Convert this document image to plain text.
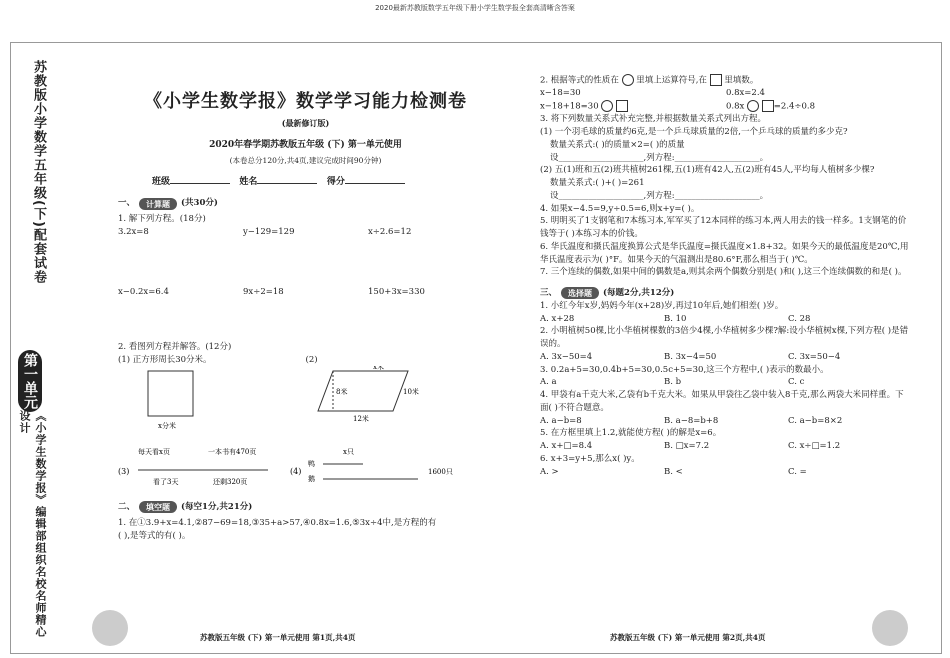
2020最新苏教版数学五年级下册小学生数学报全套高清晰含答案
苏教版小学数学五年级(下)配套试卷
第一单元
《小学生数学报》编辑部组织名校名师精心设计
《小学生数学报》数学学习能力检测卷
(最新修订版)
2020年春学期苏教版五年级 (下) 第一单元使用
(本卷总分120分,共4页,建议完成时间90分钟)
班级	姓名	得分
一、	计算题	(共30分)
1. 解下列方程。(18分)
3.2x=8	y−129=129	x÷2.6=12
x−0.2x=6.4	9x÷2=18	150+3x=330
2. 看图列方程并解答。(12分)
(1) 正方形周长30分米。	(2)
x分米
8米	10米
12米
x米
(3)
每天看x页	一本书有470页
看了3天	还剩320页
(4)
x只
鸭
鹅
1600只
二、	填空题	(每空1分,共21分)
1. 在①3.9+x=4.1,②87−69=18,③35+a>57,④0.8x=1.6,⑤3x÷4中,是方程的有
( ),是等式的有( )。
2. 根据等式的性质在 里填上运算符号,在 里填数。
x−18=30	0.8x=2.4
x−18+18=30	0.8x	=2.4÷0.8
3. 将下列数量关系式补充完整,并根据数量关系式列出方程。
(1) 一个羽毛球的质量约6克,是一个乒乓球质量的2倍,一个乒乓球的质量约多少克?
数量关系式:( )的质量×2=( )的质量
设____________________,列方程:____________________。
(2) 五(1)班和五(2)班共植树261棵,五(1)班有42人,五(2)班有45人,平均每人植树多少棵?
数量关系式:( )+( )=261
设____________________,列方程:____________________。
4. 如果x−4.5=9,y÷0.5=6,则x+y=( )。
5. 明明买了1支钢笔和7本练习本,军军买了12本同样的练习本,两人用去的钱一样多。1支钢笔的价钱等于( )本练习本的价钱。
6. 华氏温度和摄氏温度换算公式是华氏温度=摄氏温度×1.8+32。如果今天的最低温度是20℃,用华氏温度表示为( )°F。如果今天的气温测出是80.6°F,那么相当于( )℃。
7. 三个连续的偶数,如果中间的偶数是a,则其余两个偶数分别是( )和( ),这三个连续偶数的和是( )。
三、	选择题	(每题2分,共12分)
1. 小红今年x岁,妈妈今年(x+28)岁,再过10年后,她们相差( )岁。
A. x+28	B. 10	C. 28
2. 小明植树50棵,比小华植树棵数的3倍少4棵,小华植树多少棵?解:设小华植树x棵,下列方程( )是错误的。
A. 3x−50=4	B. 3x−4=50	C. 3x=50−4
3. 0.2a+5=30,0.4b+5=30,0.5c+5=30,这三个方程中,( )表示的数最小。
A. a	B. b	C. c
4. 甲袋有a千克大米,乙袋有b千克大米。如果从甲袋往乙袋中装入8千克,那么两袋大米同样重。下面( )不符合题意。
A. a−b=8	B. a−8=b+8	C. a−b=8×2
5. 在方框里填上1.2,就能使方程( )的解是x=6。
A. x+□=8.4	B. □x=7.2	C. x÷□=1.2
6. x+3=y+5,那么x( )y。
A. >	B. <	C. =
苏教版五年级 (下) 第一单元使用 第1页,共4页	苏教版五年级 (下) 第一单元使用 第2页,共4页
